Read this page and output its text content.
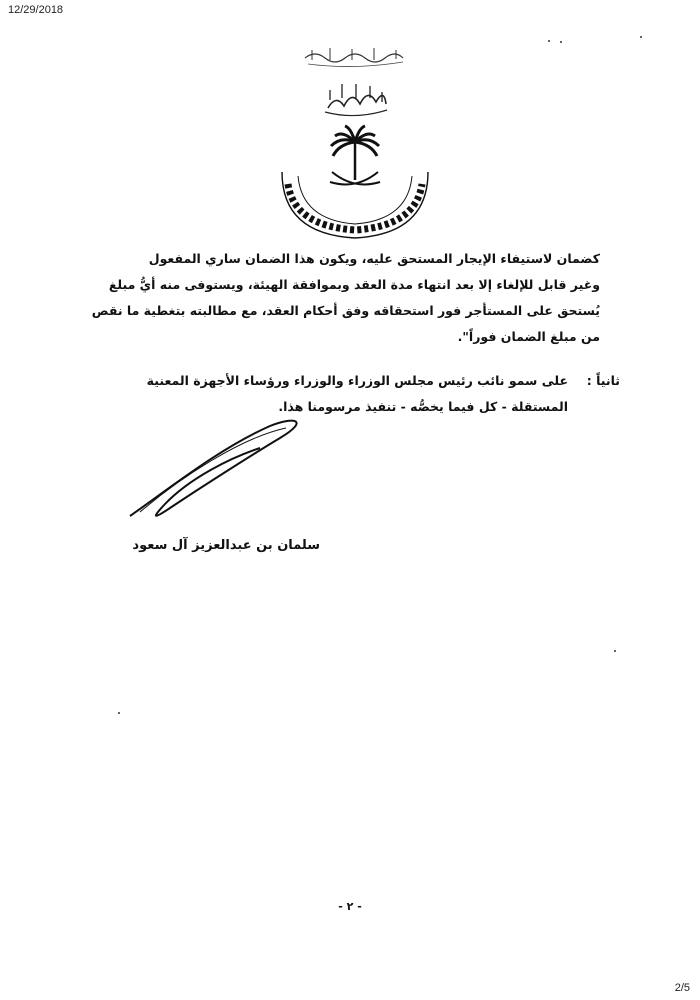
12/29/2018

كضمان لاستيفاء الإيجار المستحق عليه، ويكون هذا الضمان ساري المفعول

وغير قابل للإلغاء إلا بعد انتهاء مدة العقد وبموافقة الهيئة، ويستوفى منه أيُّ مبلغ

يُستحق على المستأجر فور استحقاقه وفق أحكام العقد، مع مطالبته بتغطية ما نقص

من مبلغ الضمان فوراً".

ثانياً :
على سمو نائب رئيس مجلس الوزراء والوزراء ورؤساء الأجهزة المعنية
المستقلة - كل فيما يخصُّه - تنفيذ مرسومنا هذا.
سلمان بن عبدالعزيز آل سعود
- ٢ -
2/5
